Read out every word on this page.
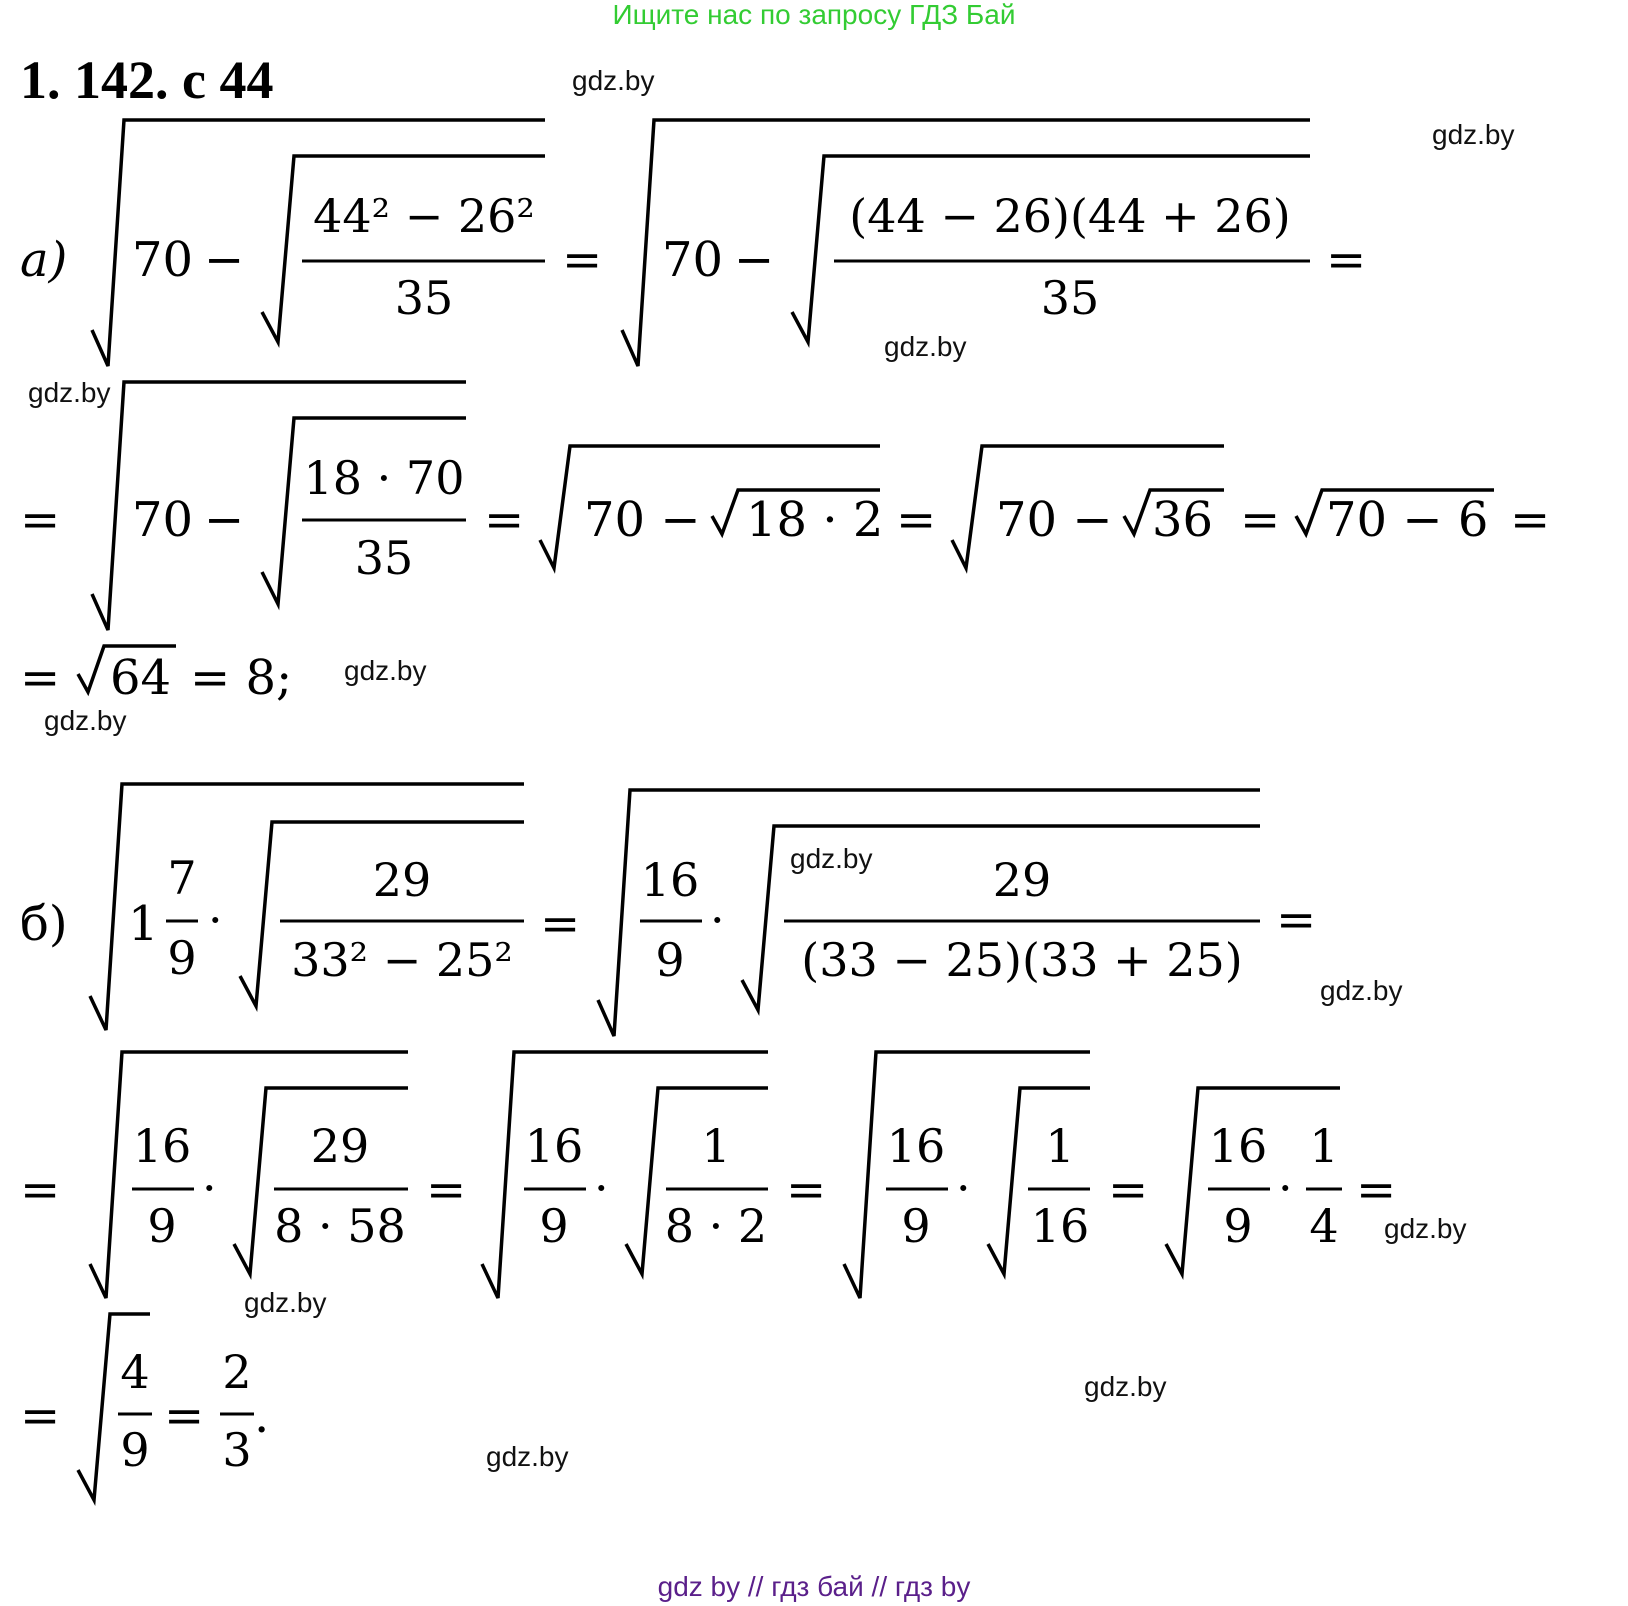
Ищите нас по запросу ГДЗ Бай
1. 142. с 44	gdz.by
gdz.by
gdz.by
gdz.by
gdz.by
gdz.by
gdz.by
gdz.by
gdz.by
gdz.by
gdz.by
gdz.by
а) 70 −
44² − 26²
35
= 70 −
(44 − 26)(44 + 26)
35
=
= 70 −
18 · 70
35
= 70 − 18 · 2 = 70 − 36 = 70 − 6 =
= 64 = 8;
б) 1
7
9
·
29
33² − 25²
=
16
9
·
29
(33 − 25)(33 + 25)
=
=
16
9
·
29
8 · 58
=
16
9
·
1
8 · 2
=
16
9
·
1
16
=
16
9
·
1
4
=
=
4
9
=
2
3
.
gdz by // гдз бай // гдз by
